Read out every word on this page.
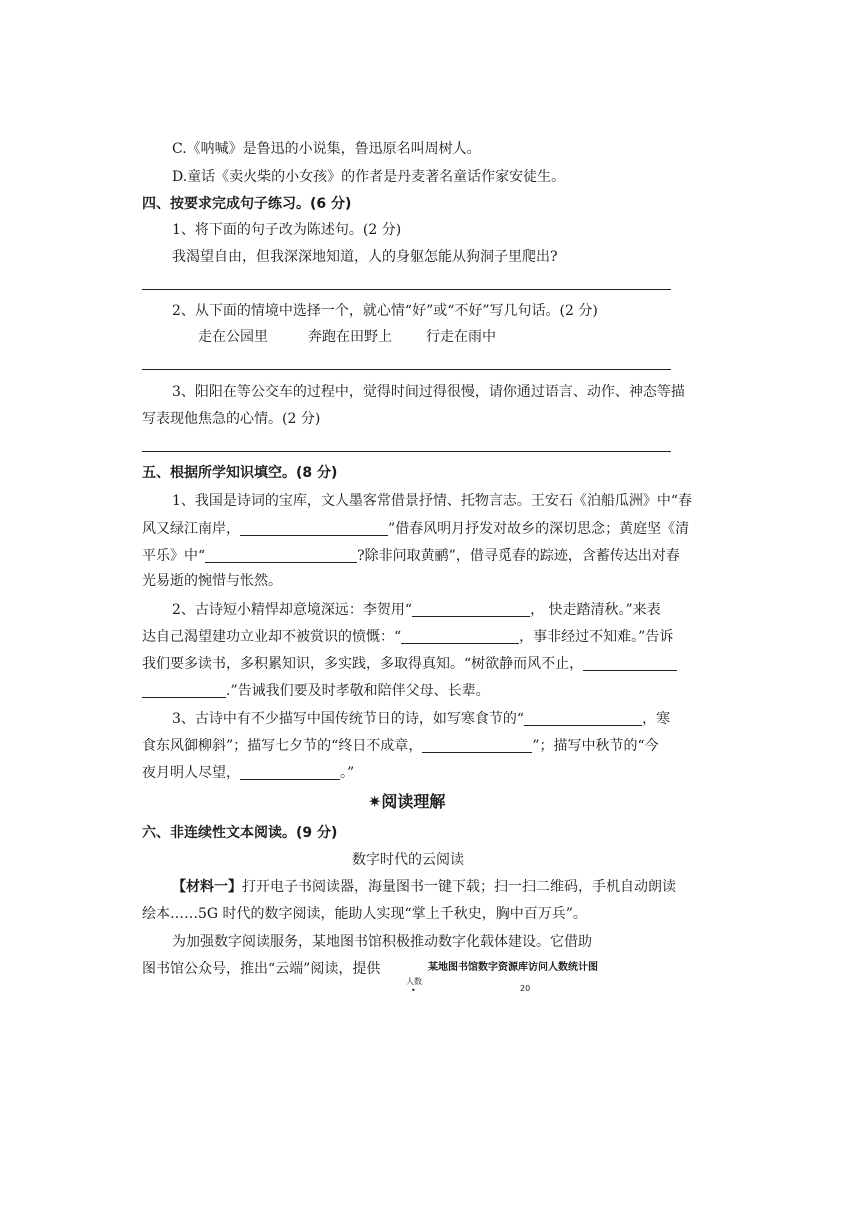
C.《呐喊》是鲁迅的小说集，鲁迅原名叫周树人。
D.童话《卖火柴的小女孩》的作者是丹麦著名童话作家安徒生。
四、按要求完成句子练习。(6 分)
1、将下面的句子改为陈述句。(2 分)
我渴望自由，但我深深地知道，人的身躯怎能从狗洞子里爬出?
2、从下面的情境中选择一个，就心情“好”或“不好”写几句话。(2 分)
走在公园里	奔跑在田野上 行走在雨中
3、阳阳在等公交车的过程中，觉得时间过得很慢，请你通过语言、动作、神态等描
写表现他焦急的心情。(2 分)
五、根据所学知识填空。(8 分)
1、我国是诗词的宝库，文人墨客常借景抒情、托物言志。王安石《泊船瓜洲》中“春
风又绿江南岸，	”借春风明月抒发对故乡的深切思念；黄庭坚《清
平乐》中“	?除非问取黄鹂”，借寻觅春的踪迹，含蓄传达出对春
光易逝的惋惜与怅然。
2、古诗短小精悍却意境深远：李贺用“	， 快走踏清秋。”来表
达自己渴望建功立业却不被赏识的愤慨：“	，事非经过不知难。”告诉
我们要多读书，多积累知识，多实践，多取得真知。“树欲静而风不止，
.”告诫我们要及时孝敬和陪伴父母、长辈。
3、古诗中有不少描写中国传统节日的诗，如写寒食节的“	，寒
食东风御柳斜”；描写七夕节的“终日不成章，	”；描写中秋节的“今
夜月明人尽望，	。”
✷阅读理解
六、非连续性文本阅读。(9 分)
数字时代的云阅读
【材料一】打开电子书阅读器，海量图书一键下载；扫一扫二维码，手机自动朗读
绘本……5G 时代的数字阅读，能助人实现“掌上千秋史，胸中百万兵”。
为加强数字阅读服务，某地图书馆积极推动数字化载体建设。它借助
图书馆公众号，推出“云端”阅读，提供	某地图书馆数字资源库访问人数统计图
人数
•	20
